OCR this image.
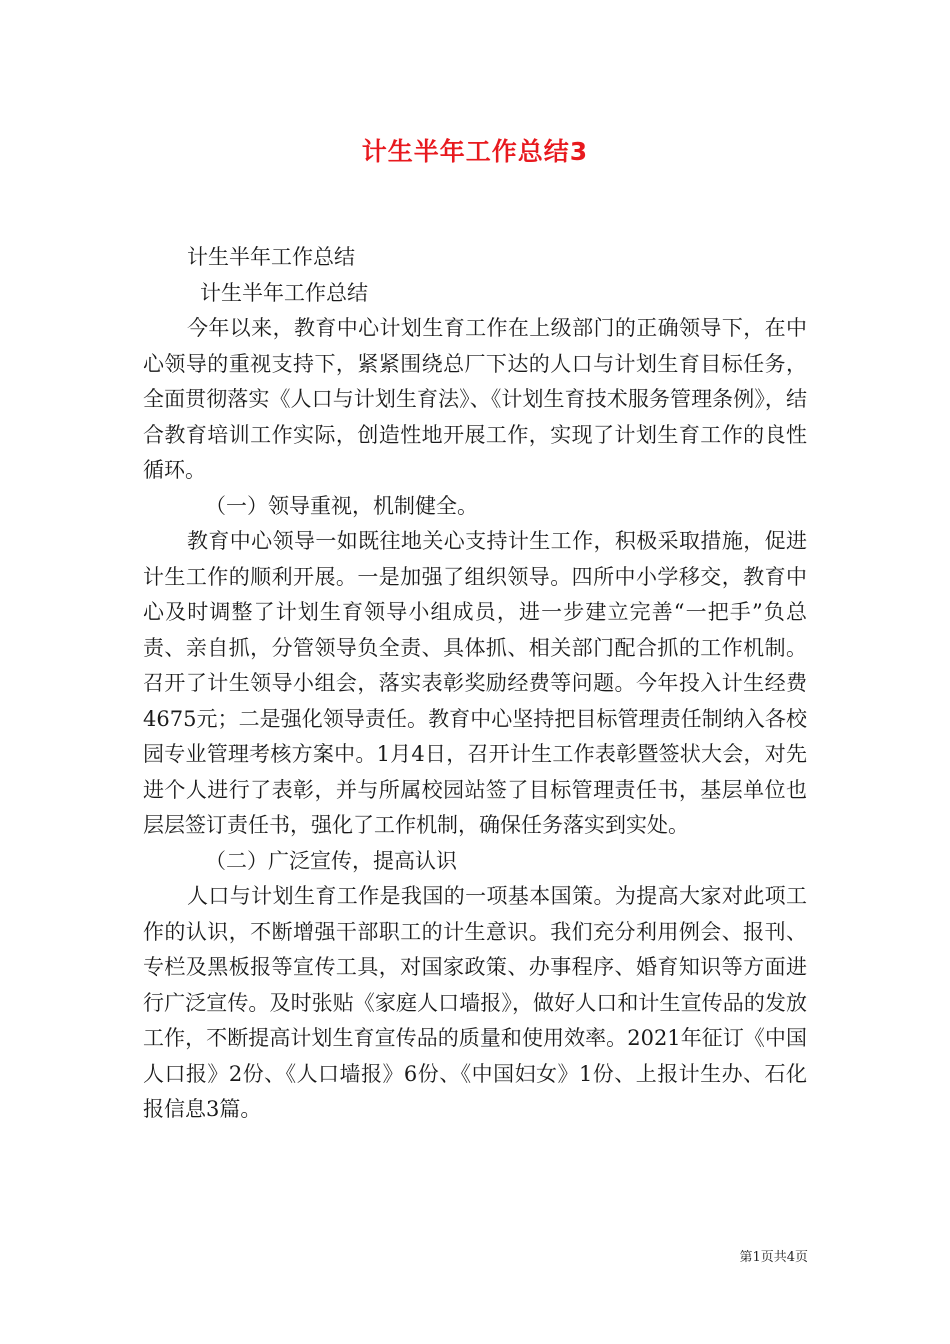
计生半年工作总结3

计生半年工作总结

计生半年工作总结

今年以来，教育中心计划生育工作在上级部门的正确领导下，在中心领导的重视支持下，紧紧围绕总厂下达的人口与计划生育目标任务，全面贯彻落实《人口与计划生育法》、《计划生育技术服务管理条例》，结合教育培训工作实际，创造性地开展工作，实现了计划生育工作的良性循环。

（一）领导重视，机制健全。

教育中心领导一如既往地关心支持计生工作，积极采取措施，促进计生工作的顺利开展。一是加强了组织领导。四所中小学移交，教育中心及时调整了计划生育领导小组成员，进一步建立完善“一把手”负总责、亲自抓，分管领导负全责、具体抓、相关部门配合抓的工作机制。召开了计生领导小组会，落实表彰奖励经费等问题。今年投入计生经费4675元；二是强化领导责任。教育中心坚持把目标管理责任制纳入各校园专业管理考核方案中。1月4日，召开计生工作表彰暨签状大会，对先进个人进行了表彰，并与所属校园站签了目标管理责任书，基层单位也层层签订责任书，强化了工作机制，确保任务落实到实处。

（二）广泛宣传，提高认识

人口与计划生育工作是我国的一项基本国策。为提高大家对此项工作的认识，不断增强干部职工的计生意识。我们充分利用例会、报刊、专栏及黑板报等宣传工具，对国家政策、办事程序、婚育知识等方面进行广泛宣传。及时张贴《家庭人口墙报》，做好人口和计生宣传品的发放工作，不断提高计划生育宣传品的质量和使用效率。2021年征订《中国人口报》2份、《人口墙报》6份、《中国妇女》1份、上报计生办、石化报信息3篇。

第1页共4页
